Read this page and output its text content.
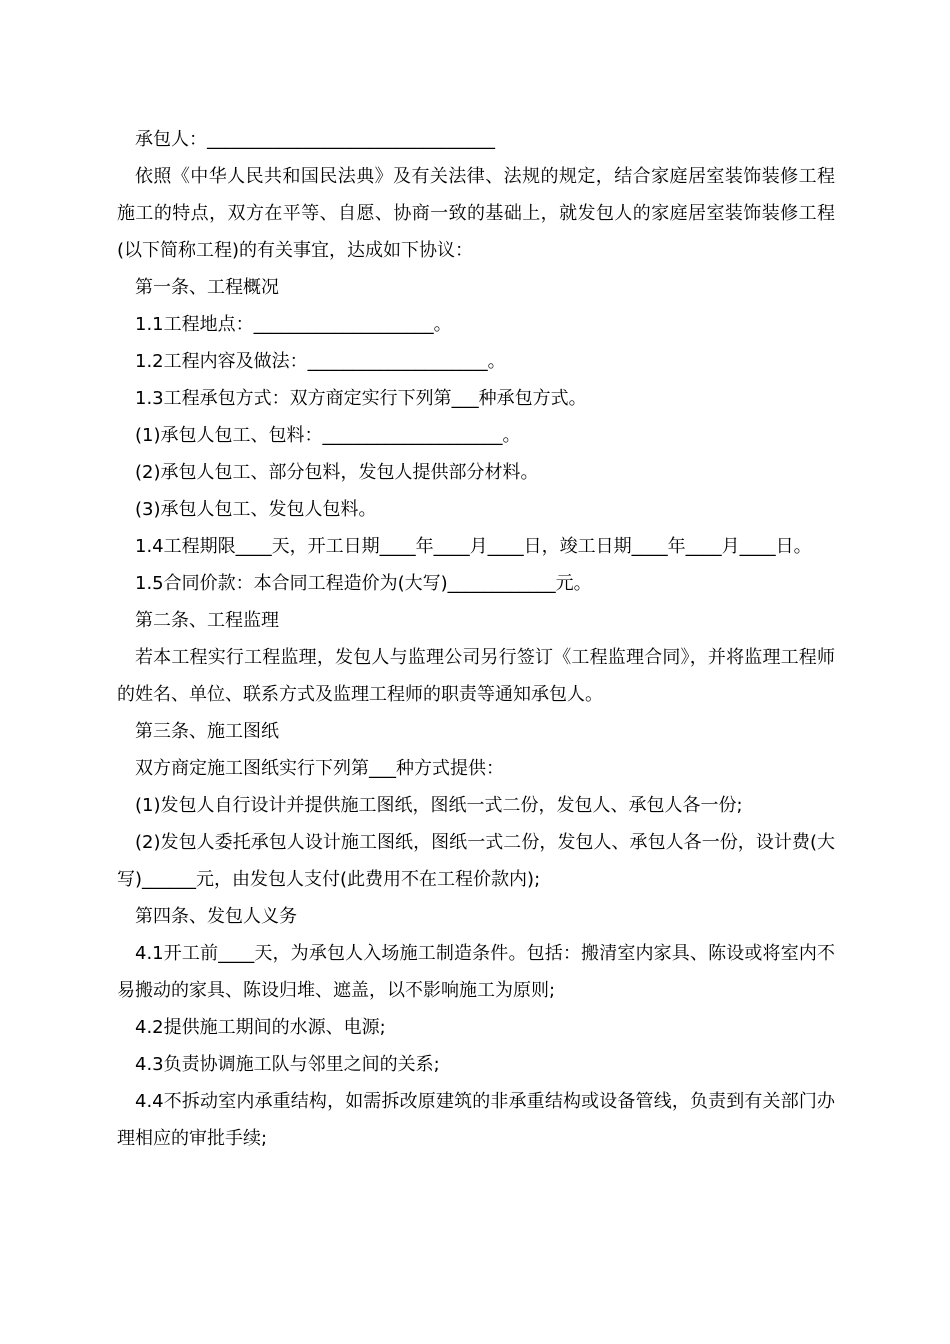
承包人：________________________________

依照《中华人民共和国民法典》及有关法律、法规的规定，结合家庭居室装饰装修工程施工的特点，双方在平等、自愿、协商一致的基础上，就发包人的家庭居室装饰装修工程(以下简称工程)的有关事宜，达成如下协议：

第一条、工程概况

1.1工程地点：____________________。

1.2工程内容及做法：____________________。

1.3工程承包方式：双方商定实行下列第___种承包方式。

(1)承包人包工、包料：____________________。

(2)承包人包工、部分包料，发包人提供部分材料。

(3)承包人包工、发包人包料。

1.4工程期限____天，开工日期____年____月____日，竣工日期____年____月____日。

1.5合同价款：本合同工程造价为(大写)____________元。

第二条、工程监理

若本工程实行工程监理，发包人与监理公司另行签订《工程监理合同》，并将监理工程师的姓名、单位、联系方式及监理工程师的职责等通知承包人。

第三条、施工图纸

双方商定施工图纸实行下列第___种方式提供：

(1)发包人自行设计并提供施工图纸，图纸一式二份，发包人、承包人各一份;

(2)发包人委托承包人设计施工图纸，图纸一式二份，发包人、承包人各一份，设计费(大写)______元，由发包人支付(此费用不在工程价款内);

第四条、发包人义务

4.1开工前____天，为承包人入场施工制造条件。包括：搬清室内家具、陈设或将室内不易搬动的家具、陈设归堆、遮盖，以不影响施工为原则;

4.2提供施工期间的水源、电源;

4.3负责协调施工队与邻里之间的关系;

4.4不拆动室内承重结构，如需拆改原建筑的非承重结构或设备管线，负责到有关部门办理相应的审批手续;
